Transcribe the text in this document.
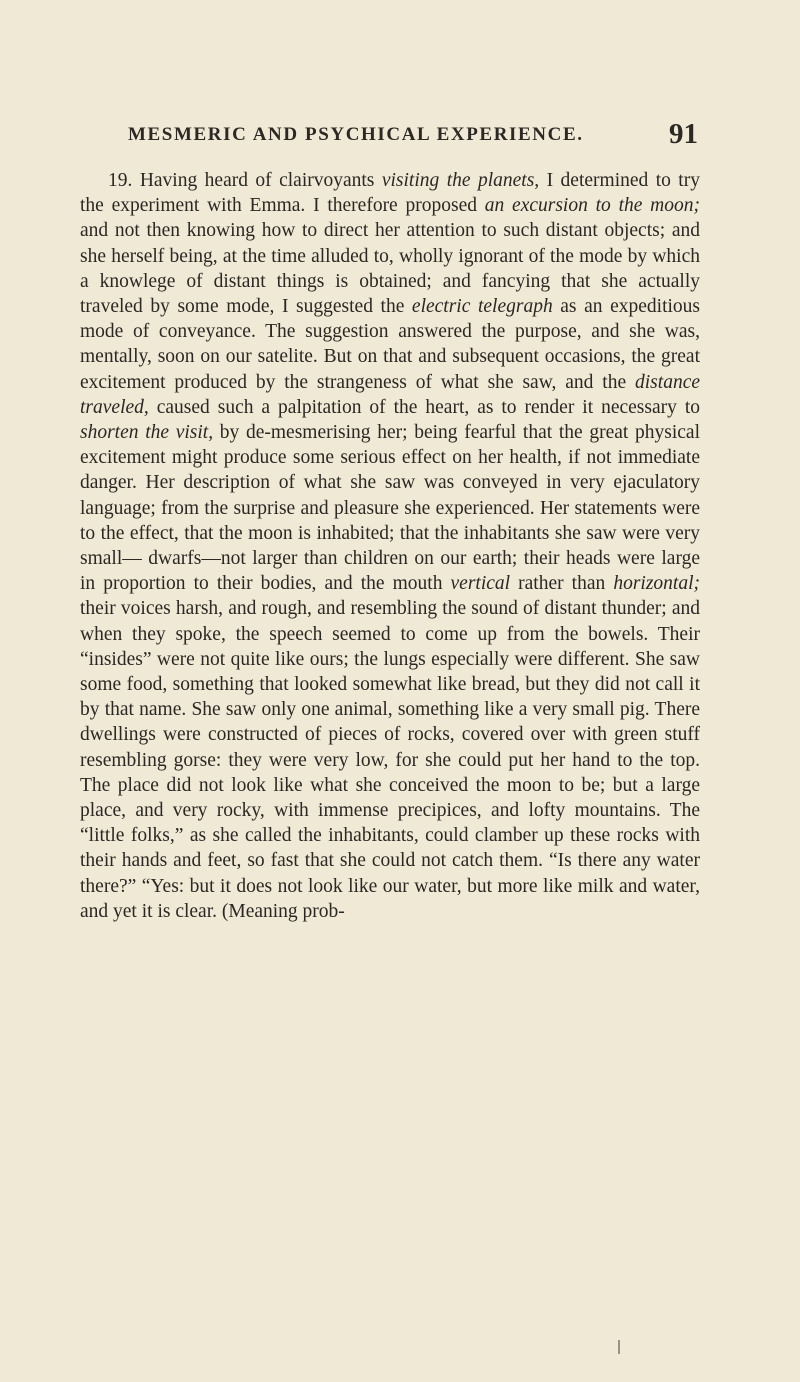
MESMERIC AND PSYCHICAL EXPERIENCE.	91

19. Having heard of clairvoyants visiting the planets, I determined to try the experiment with Emma. I therefore proposed an excursion to the moon; and not then knowing how to direct her attention to such distant objects; and she herself being, at the time alluded to, wholly ignorant of the mode by which a knowlege of distant things is obtained; and fancying that she actually traveled by some mode, I suggested the electric telegraph as an expeditious mode of conveyance. The suggestion answered the purpose, and she was, mentally, soon on our satelite. But on that and subsequent occasions, the great excitement produced by the strangeness of what she saw, and the distance traveled, caused such a palpitation of the heart, as to render it necessary to shorten the visit, by de-mesmerising her; being fearful that the great physical excitement might produce some serious effect on her health, if not immediate danger. Her description of what she saw was conveyed in very ejaculatory language; from the surprise and pleasure she experienced. Her statements were to the effect, that the moon is inhabited; that the inhabitants she saw were very small— dwarfs—not larger than children on our earth; their heads were large in proportion to their bodies, and the mouth vertical rather than horizontal; their voices harsh, and rough, and resembling the sound of distant thunder; and when they spoke, the speech seemed to come up from the bowels. Their “insides” were not quite like ours; the lungs especially were different. She saw some food, something that looked somewhat like bread, but they did not call it by that name. She saw only one animal, something like a very small pig. There dwellings were constructed of pieces of rocks, covered over with green stuff resembling gorse: they were very low, for she could put her hand to the top. The place did not look like what she conceived the moon to be; but a large place, and very rocky, with immense precipices, and lofty mountains. The “little folks,” as she called the inhabitants, could clamber up these rocks with their hands and feet, so fast that she could not catch them. “Is there any water there?” “Yes: but it does not look like our water, but more like milk and water, and yet it is clear. (Meaning prob-
